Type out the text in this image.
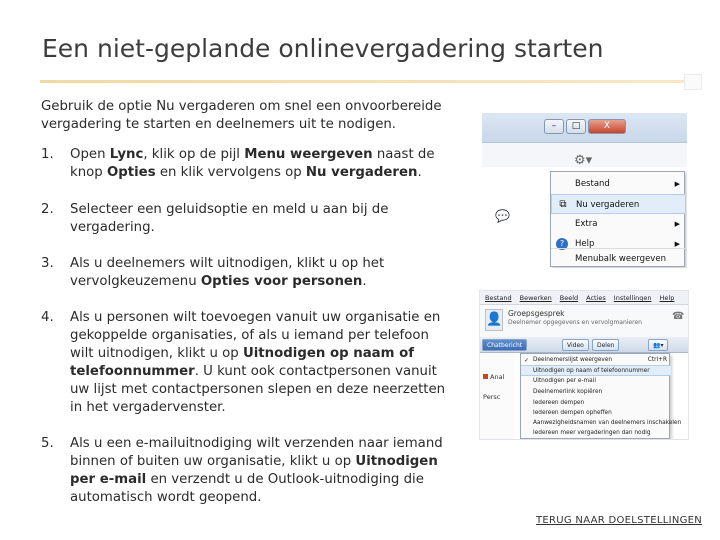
Een niet-geplande onlinevergadering starten
Gebruik de optie Nu vergaderen om snel een onvoorbereide
vergadering te starten en deelnemers uit te nodigen.
1. Open Lync, klik op de pijl Menu weergeven naast de
knop Opties en klik vervolgens op Nu vergaderen.
2. Selecteer een geluidsoptie en meld u aan bij de
vergadering.
3. Als u deelnemers wilt uitnodigen, klikt u op het
vervolgkeuzemenu Opties voor personen.
4. Als u personen wilt toevoegen vanuit uw organisatie en
gekoppelde organisaties, of als u iemand per telefoon
wilt uitnodigen, klikt u op Uitnodigen op naam of
telefoonnummer. U kunt ook contactpersonen vanuit
uw lijst met contactpersonen slepen en deze neerzetten
in het vergadervenster.
5. Als u een e-mailuitnodiging wilt verzenden naar iemand
binnen of buiten uw organisatie, klikt u op Uitnodigen
per e-mail en verzendt u de Outlook-uitnodiging die
automatisch wordt geopend.
TERUG NAAR DOELSTELLINGEN
–	□	X
⚙▾
💬
Bestand	▶
⧉ Nu vergaderen
Extra	▶
?	Help	▶
Menubalk weergeven
Bestand Bewerken Beeld Acties Instellingen Help
👤 Groepsgesprek
Deelnemer opgegevens en vervolgmanieren
☎
Chatbericht	Video	Delen	👥▾
Anal
Persc
✓ Deelnemerslijst weergeven	Ctrl+R
Uitnodigen op naam of telefoonnummer
Uitnodigen per e-mail
Deelnemerlink kopiëren
Iedereen dempen
Iedereen dempen opheffen
Aanwezigheidsnamen van deelnemers inschakelen
Iedereen meer vergaderingen dan nodig
